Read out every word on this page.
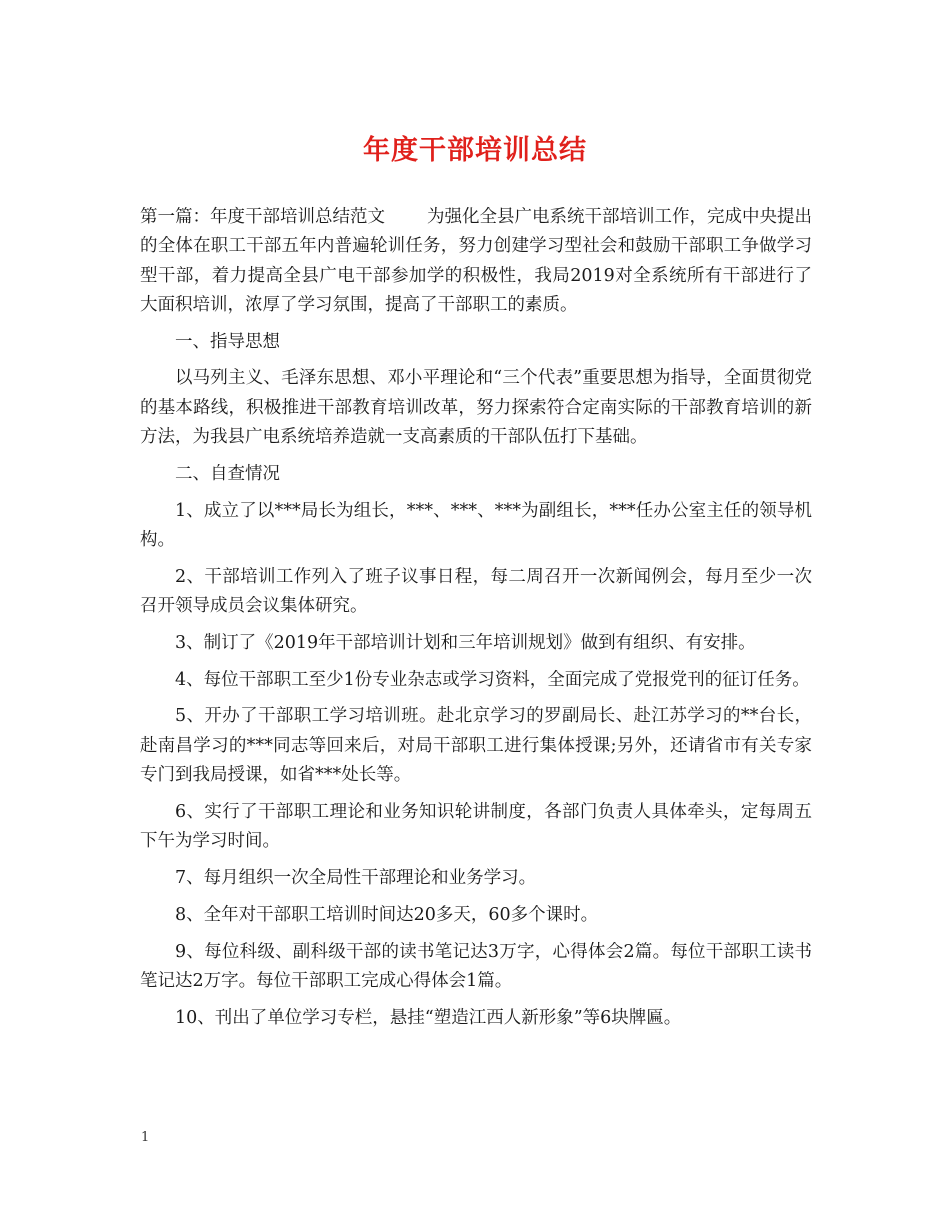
年度干部培训总结

第一篇：年度干部培训总结范文 为强化全县广电系统干部培训工作，完成中央提出的全体在职工干部五年内普遍轮训任务，努力创建学习型社会和鼓励干部职工争做学习型干部，着力提高全县广电干部参加学的积极性，我局2019对全系统所有干部进行了大面积培训，浓厚了学习氛围，提高了干部职工的素质。

一、指导思想

以马列主义、毛泽东思想、邓小平理论和“三个代表”重要思想为指导，全面贯彻党的基本路线，积极推进干部教育培训改革，努力探索符合定南实际的干部教育培训的新方法，为我县广电系统培养造就一支高素质的干部队伍打下基础。

二、自查情况

1、成立了以***局长为组长，***、***、***为副组长，***任办公室主任的领导机构。

2、干部培训工作列入了班子议事日程，每二周召开一次新闻例会，每月至少一次召开领导成员会议集体研究。

3、制订了《2019年干部培训计划和三年培训规划》做到有组织、有安排。

4、每位干部职工至少1份专业杂志或学习资料，全面完成了党报党刊的征订任务。

5、开办了干部职工学习培训班。赴北京学习的罗副局长、赴江苏学习的**台长，赴南昌学习的***同志等回来后，对局干部职工进行集体授课;另外，还请省市有关专家专门到我局授课，如省***处长等。

6、实行了干部职工理论和业务知识轮讲制度，各部门负责人具体牵头，定每周五下午为学习时间。

7、每月组织一次全局性干部理论和业务学习。

8、全年对干部职工培训时间达20多天，60多个课时。

9、每位科级、副科级干部的读书笔记达3万字，心得体会2篇。每位干部职工读书笔记达2万字。每位干部职工完成心得体会1篇。

10、刊出了单位学习专栏，悬挂“塑造江西人新形象”等6块牌匾。

1
